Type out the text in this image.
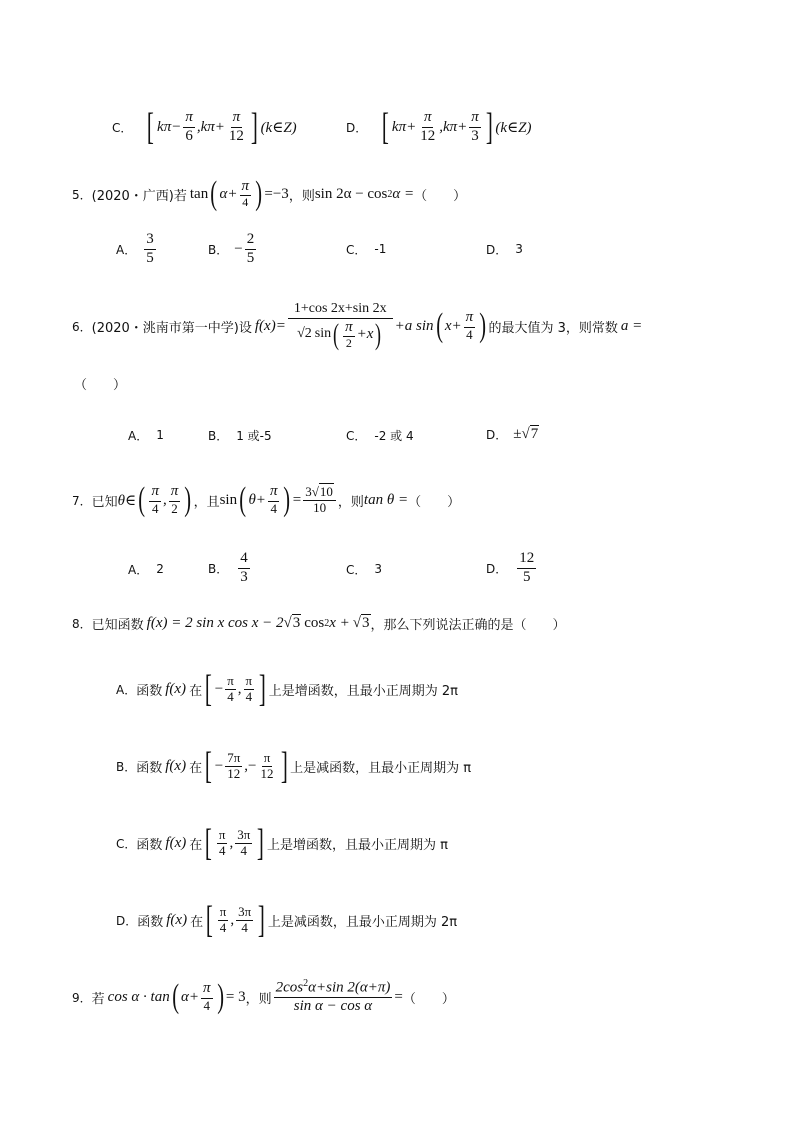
C． [ $k\pi- \frac{\pi}{6} ,k\pi+ \frac{\pi}{12}$ ] (k∈Z)	D． [ $k\pi+ \frac{\pi}{12} ,k\pi+ \frac{\pi}{3}$ ] (k∈Z)
5． (2020・广西) 若 tan ( $\alpha+ \frac{\pi}{4}$ ) =−3 ，则 sin 2α − cos 2 α = （　　）
A． $\frac{3}{5}$	B． − $\frac{2}{5}$	C． -1	D． 3
6． (2020・洮南市第一中学) 设 $f(x)= \frac{1+\cos 2x+\sin 2x}{√2 \sin ( \frac{\pi}{2} +x )} +a$ sin ( $x+ \frac{\pi}{4}$ ) 的最大值为 3，则常数 a =
（　　）
A． 1	B． 1 或-5	C． -2 或 4	D． ± √ 7
7． 已知 θ∈ ( $\frac{\pi}{4}$ , $\frac{\pi}{2}$ ) ，且 sin ( $\theta+ \frac{\pi}{4}$ ) = $\frac{3√10}{10}$ ，则 tan θ = （　　）
A． 2	B． $\frac{4}{3}$	C． 3	D． $\frac{12}{5}$
8． 已知函数 f(x) = 2 sin x cos x − 2 √ 3 cos 2 x + √ 3 ，那么下列说法正确的是（　　）
A． 函数 f(x) 在 [ − $\frac{\pi}{4}$ , $\frac{\pi}{4}$ ] 上是增函数，且最小正周期为 2π
B． 函数 f(x) 在 [ − $\frac{7\pi}{12}$ , − $\frac{\pi}{12}$ ] 上是减函数，且最小正周期为 π
C． 函数 f(x) 在 [ $\frac{\pi}{4}$ , $\frac{3\pi}{4}$ ] 上是增函数，且最小正周期为 π
D． 函数 f(x) 在 [ $\frac{\pi}{4}$ , $\frac{3\pi}{4}$ ] 上是减函数，且最小正周期为 2π
9． 若 cos α · tan ( $\alpha+ \frac{\pi}{4}$ ) = 3 ，则 $\frac{2\cos^2\alpha+\sin 2(\alpha+\pi)}{\text{sin α − cos α}}$ = （　　）
